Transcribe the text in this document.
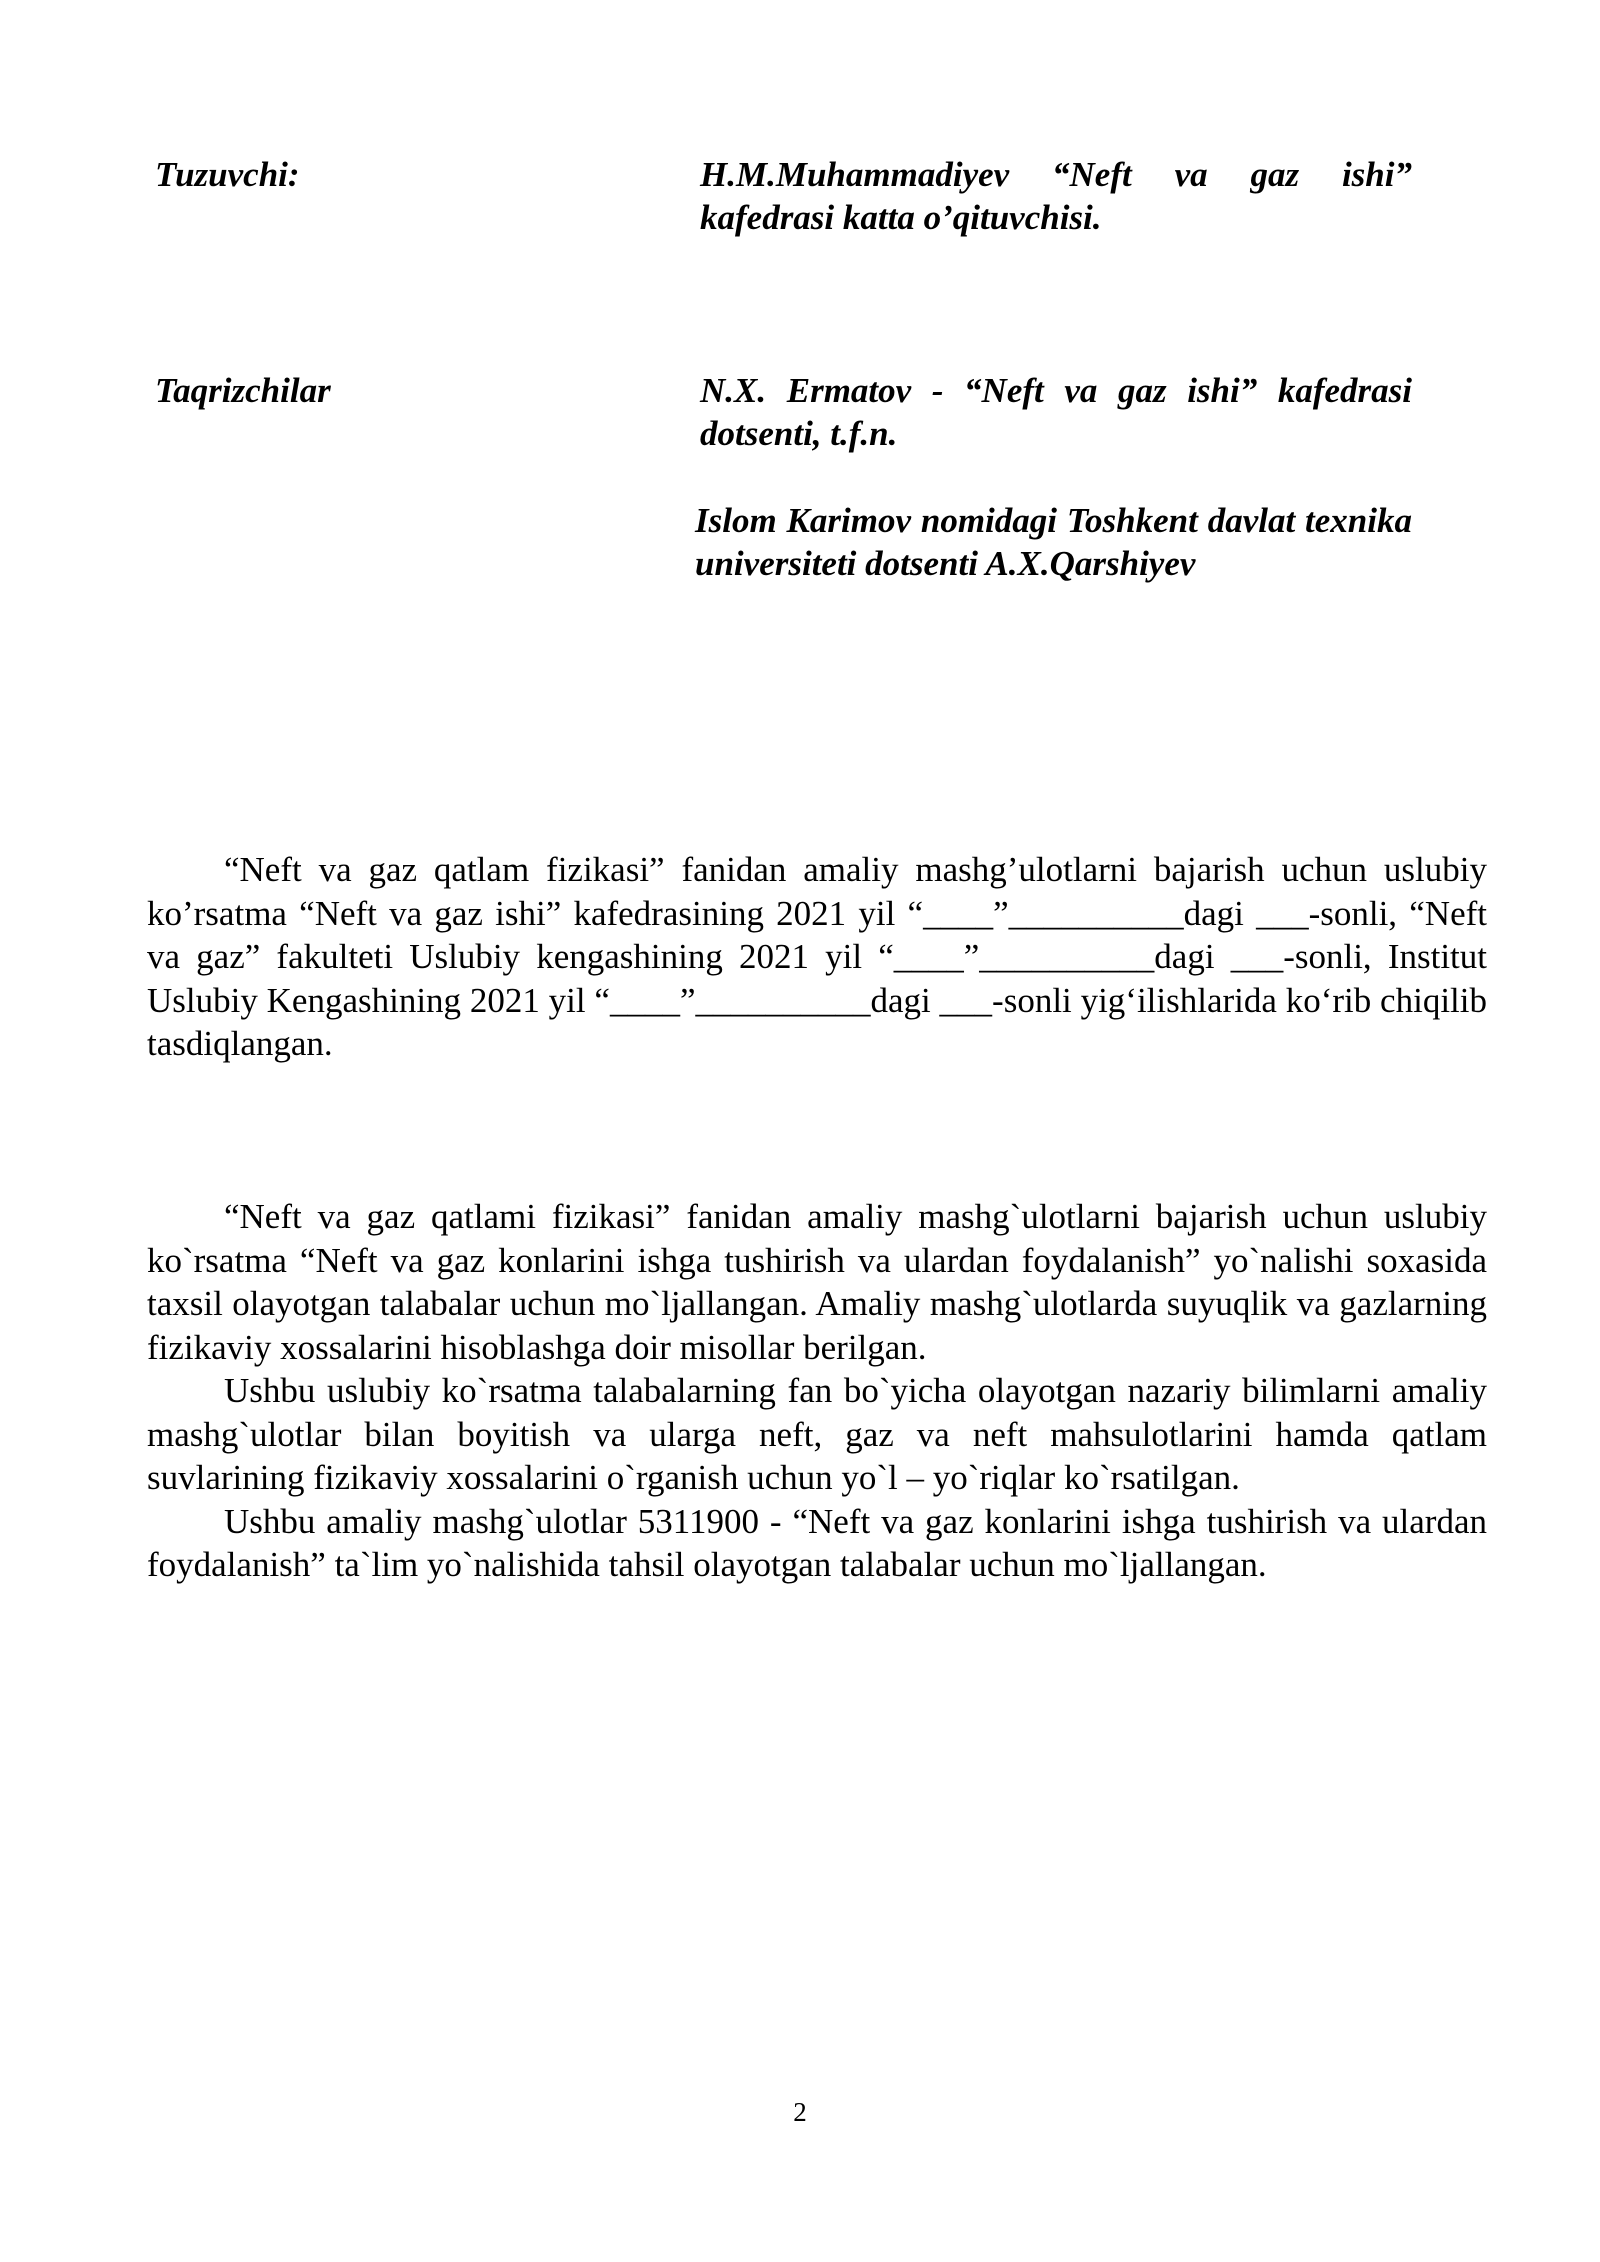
Tuzuvchi:	H.M.Muhammadiyev “Neft va gaz ishi” kafedrasi katta o’qituvchisi.
Taqrizchilar	N.X. Ermatov - “Neft va gaz ishi” kafedrasi dotsenti, t.f.n.
Islom Karimov nomidagi Toshkent davlat texnika universiteti dotsenti A.X.Qarshiyev

“Neft va gaz qatlam fizikasi” fanidan amaliy mashg’ulotlarni bajarish uchun uslubiy ko’rsatma “Neft va gaz ishi” kafedrasining 2021 yil “____”__________dagi ___-sonli, “Neft va gaz” fakulteti Uslubiy kengashining 2021 yil “____”__________dagi ___-sonli, Institut Uslubiy Kengashining 2021 yil “____”__________dagi ___-sonli yig‘ilishlarida ko‘rib chiqilib tasdiqlangan.

“Neft va gaz qatlami fizikasi” fanidan amaliy mashg`ulotlarni bajarish uchun uslubiy ko`rsatma “Neft va gaz konlarini ishga tushirish va ulardan foydalanish” yo`nalishi soxasida taxsil olayotgan talabalar uchun mo`ljallangan. Amaliy mashg`ulotlarda suyuqlik va gazlarning fizikaviy xossalarini hisoblashga doir misollar berilgan.

Ushbu uslubiy ko`rsatma talabalarning fan bo`yicha olayotgan nazariy bilimlarni amaliy mashg`ulotlar bilan boyitish va ularga neft, gaz va neft mahsulotlarini hamda qatlam suvlarining fizikaviy xossalarini o`rganish uchun yo`l – yo`riqlar ko`rsatilgan.

Ushbu amaliy mashg`ulotlar 5311900 - “Neft va gaz konlarini ishga tushirish va ulardan foydalanish” ta`lim yo`nalishida tahsil olayotgan talabalar uchun mo`ljallangan.

2
